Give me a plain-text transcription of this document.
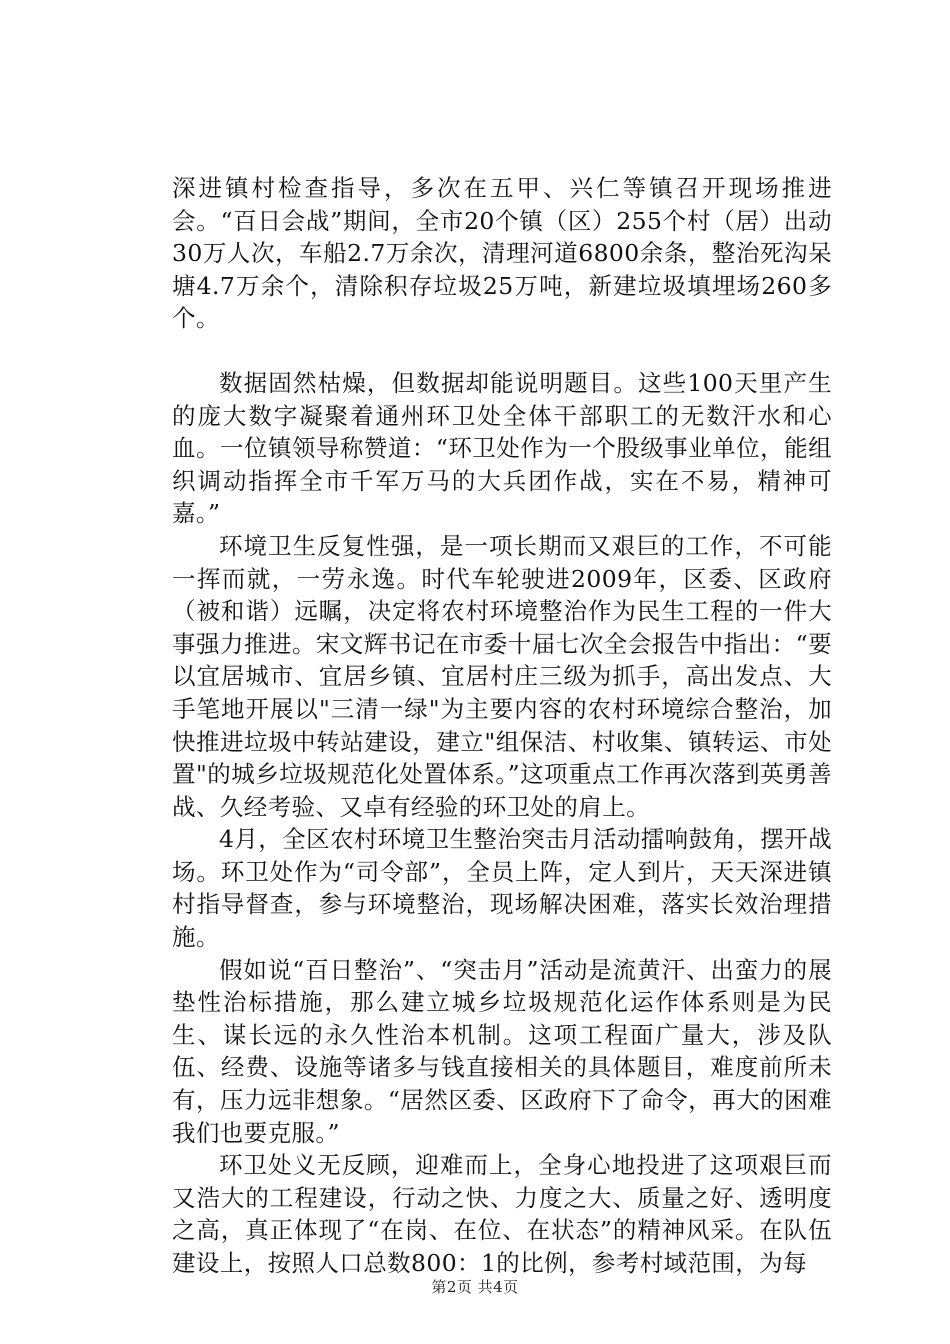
深进镇村检查指导，多次在五甲、兴仁等镇召开现场推进会。“百日会战”期间，全市20个镇（区）255个村（居）出动30万人次，车船2.7万余次，清理河道6800余条，整治死沟呆塘4.7万余个，清除积存垃圾25万吨，新建垃圾填埋场260多个。

数据固然枯燥，但数据却能说明题目。这些100天里产生的庞大数字凝聚着通州环卫处全体干部职工的无数汗水和心血。一位镇领导称赞道：“环卫处作为一个股级事业单位，能组织调动指挥全市千军万马的大兵团作战，实在不易，精神可嘉。”

环境卫生反复性强，是一项长期而又艰巨的工作，不可能一挥而就，一劳永逸。时代车轮驶进2009年，区委、区政府（被和谐）远瞩，决定将农村环境整治作为民生工程的一件大事强力推进。宋文辉书记在市委十届七次全会报告中指出：“要以宜居城市、宜居乡镇、宜居村庄三级为抓手，高出发点、大手笔地开展以"三清一绿"为主要内容的农村环境综合整治，加快推进垃圾中转站建设，建立"组保洁、村收集、镇转运、市处置"的城乡垃圾规范化处置体系。”这项重点工作再次落到英勇善战、久经考验、又卓有经验的环卫处的肩上。

4月，全区农村环境卫生整治突击月活动擂响鼓角，摆开战场。环卫处作为“司令部”，全员上阵，定人到片，天天深进镇村指导督查，参与环境整治，现场解决困难，落实长效治理措施。

假如说“百日整治”、“突击月”活动是流黄汗、出蛮力的展垫性治标措施，那么建立城乡垃圾规范化运作体系则是为民生、谋长远的永久性治本机制。这项工程面广量大，涉及队伍、经费、设施等诸多与钱直接相关的具体题目，难度前所未有，压力远非想象。“居然区委、区政府下了命令，再大的困难我们也要克服。”

环卫处义无反顾，迎难而上，全身心地投进了这项艰巨而又浩大的工程建设，行动之快、力度之大、质量之好、透明度之高，真正体现了“在岗、在位、在状态”的精神风采。在队伍建设上，按照人口总数800：1的比例，参考村域范围，为每

第2页 共4页
